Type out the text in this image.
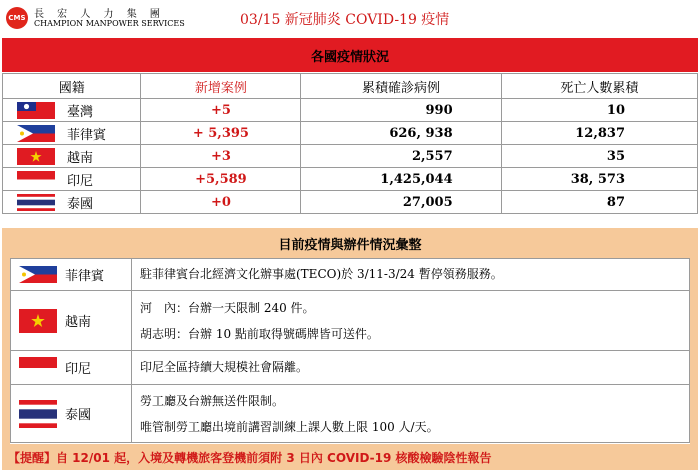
CMS 長 宏 人 力 集 團
CHAMPION MANPOWER SERVICES	03/15 新冠肺炎 COVID-19 疫情
各國疫情狀況
國籍	新增案例	累積確診病例	死亡人數累積

臺灣	+5	990	10

菲律賓	+ 5,395	626, 938	12,837

越南	+3	2,557	35

印尼	+5,589	1,425,044	38, 573

泰國	+0	27,005	87
目前疫情與辦件情況彙整
菲律賓	駐菲律賓台北經濟文化辦事處(TECO)於 3/11-3/24 暫停領務服務。

越南	河　內：台辦一天限制 240 件。
胡志明：台辦 10 點前取得號碼牌皆可送件。

印尼	印尼全區持續大規模社會隔離。

泰國	勞工廳及台辦無送件限制。
唯管制勞工廳出境前講習訓練上課人數上限 100 人/天。
【提醒】自 12/01 起，入境及轉機旅客登機前須附 3 日內 COVID-19 核酸檢驗陰性報告
